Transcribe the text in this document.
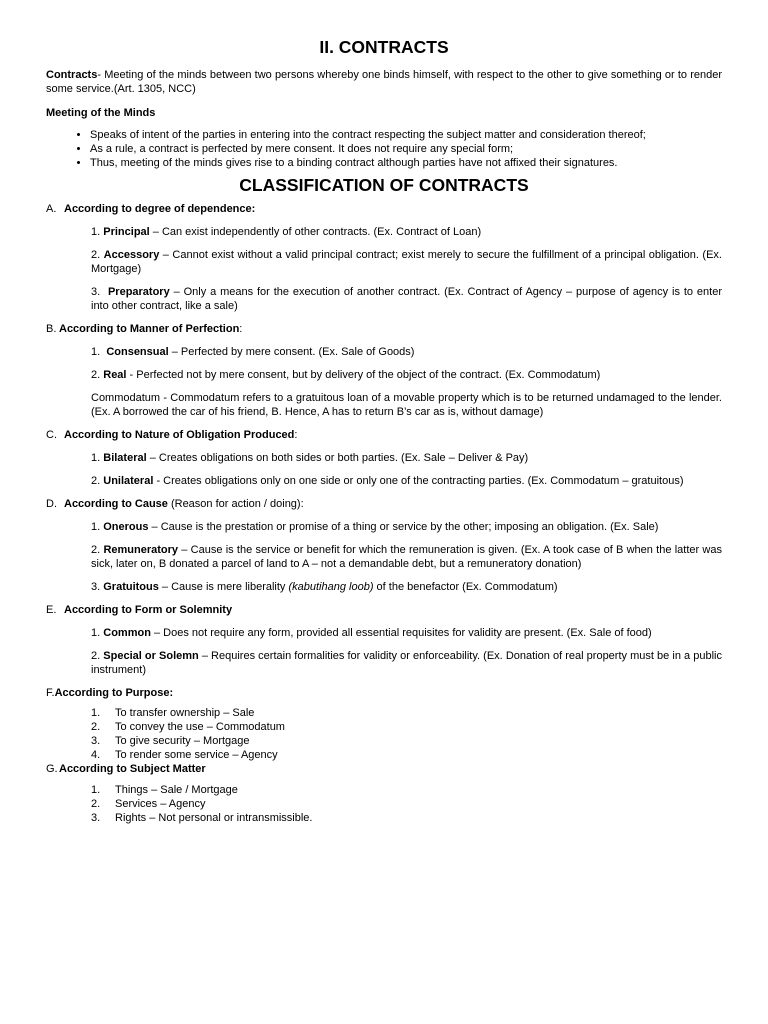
II. CONTRACTS

Contracts- Meeting of the minds between two persons whereby one binds himself, with respect to the other to give something or to render some service.(Art. 1305, NCC)

Meeting of the Minds
• Speaks of intent of the parties in entering into the contract respecting the subject matter and consideration thereof;
• As a rule, a contract is perfected by mere consent. It does not require any special form;
• Thus, meeting of the minds gives rise to a binding contract although parties have not affixed their signatures.
CLASSIFICATION OF CONTRACTS
A. According to degree of dependence:

1. Principal – Can exist independently of other contracts. (Ex. Contract of Loan)

2. Accessory – Cannot exist without a valid principal contract; exist merely to secure the fulfillment of a principal obligation. (Ex. Mortgage)

3. Preparatory – Only a means for the execution of another contract. (Ex. Contract of Agency – purpose of agency is to enter into other contract, like a sale)

B. According to Manner of Perfection:

1. Consensual – Perfected by mere consent. (Ex. Sale of Goods)

2. Real - Perfected not by mere consent, but by delivery of the object of the contract. (Ex. Commodatum)

Commodatum - Commodatum refers to a gratuitous loan of a movable property which is to be returned undamaged to the lender. (Ex. A borrowed the car of his friend, B. Hence, A has to return B’s car as is, without damage)

C. According to Nature of Obligation Produced:

1. Bilateral – Creates obligations on both sides or both parties. (Ex. Sale – Deliver & Pay)

2. Unilateral - Creates obligations only on one side or only one of the contracting parties. (Ex. Commodatum – gratuitous)

D. According to Cause (Reason for action / doing):

1. Onerous – Cause is the prestation or promise of a thing or service by the other; imposing an obligation. (Ex. Sale)

2. Remuneratory – Cause is the service or benefit for which the remuneration is given. (Ex. A took case of B when the latter was sick, later on, B donated a parcel of land to A – not a demandable debt, but a remuneratory donation)

3. Gratuitous – Cause is mere liberality (kabutihang loob) of the benefactor (Ex. Commodatum)

E. According to Form or Solemnity

1. Common – Does not require any form, provided all essential requisites for validity are present. (Ex. Sale of food)

2. Special or Solemn – Requires certain formalities for validity or enforceability. (Ex. Donation of real property must be in a public instrument)

F.According to Purpose:
1.	To transfer ownership – Sale
2.	To convey the use – Commodatum
3.	To give security – Mortgage
4.	To render some service – Agency
G.According to Subject Matter
1.	Things – Sale / Mortgage
2.	Services – Agency
3.	Rights – Not personal or intransmissible.
